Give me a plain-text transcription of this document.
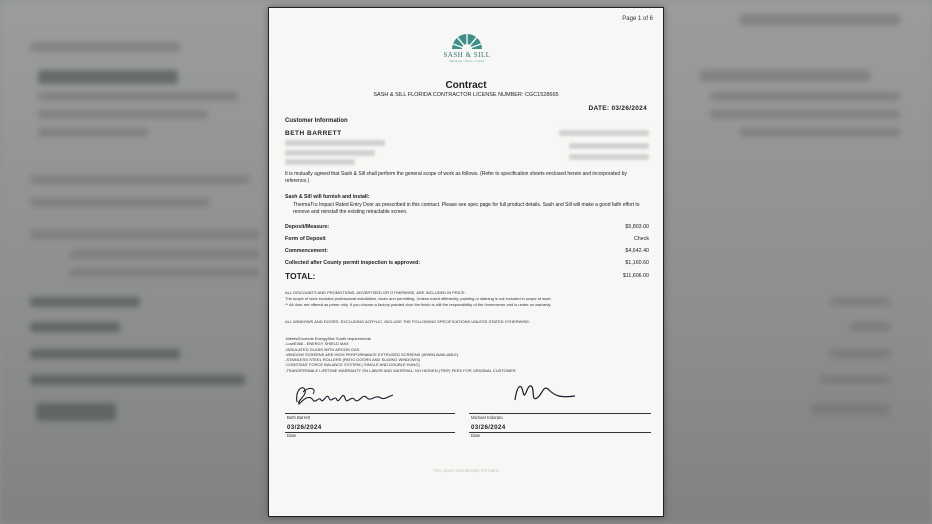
Page 1 of 6
SASH & SILL
Windows • Doors • Impact
Contract
SASH & SILL FLORIDA CONTRACTOR LICENSE NUMBER: CGC1528665
DATE: 03/26/2024
Customer Information
BETH BARRETT
It is mutually agreed that Sash & Sill shall perform the general scope of work as follows. (Refer to specification sheets enclosed herein and incorporated by reference.)
Sash & Sill will furnish and install:
ThermaTru Impact Rated Entry Door as prescribed in this contract. Please see spec page for full product details. Sash and Sill will make a good faith effort to remove and reinstall the existing retractable screen.
Deposit/Measure:	$5,803.00
Form of Deposit	Check
Commencement:	$4,642.40
Collected after County permit inspection is approved:	$1,160.60
TOTAL:	$11,606.00
ALL DISCOUNTS AND PROMOTIONS, ADVERTISED OR OTHERWISE, ARE INCLUDED IN PRICE.
The scope of work includes professional installation, taxes and permitting. Unless noted differently, painting or staining is not included in scope of work.
** All door are offered as prime only. If you choose a factory painted door the finish is still the responsibility of the homeowner and is under no warranty
ALL WINDOWS AND DOORS, EXCLUDING ACRYLIC, INCLUDE THE FOLLOWING SPECIFICATIONS UNLESS STATED OTHERWISE:
-Meets/Exceeds EnergyStar South requirements
-LowE366 - ENERGY SHIELD MAX
-INSULATED GLASS WITH ARGON GAS
-WINDOW SCREENS ARE HIGH PERFORMANCE EXTRUDED SCREENS (WHEN AVAILABLE)
-STAINLESS STEEL ROLLERS (PATIO DOORS AND SLIDING WINDOWS)
-CONSTANT FORCE BALANCE SYSTEM ( SINGLE AND DOUBLE HUNG)
-TRANSFERABLE LIFETIME WARRANTY ON LABOR AND MATERIAL; NO HIDDEN (TRIP) FEES FOR ORIGINAL CUSTOMER
Beth Barrett	Michael Indorato
03/26/2024	03/26/2024
Date	Date
This space intentionally left blank
